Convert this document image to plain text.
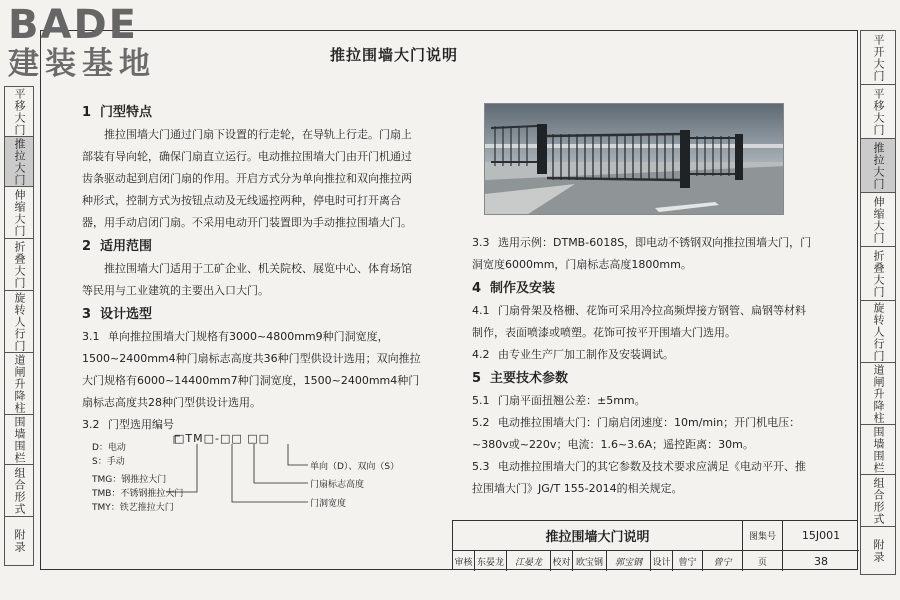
BADE
建装基地
平移大门
推拉大门
伸缩大门
折叠大门
旋转人行门
道闸升降柱
围墙围栏
组合形式
附录
平开大门
平移大门
推拉大门
伸缩大门
折叠大门
旋转人行门
道闸升降柱
围墙围栏
组合形式
附录
推拉围墙大门说明
1 门型特点
推拉围墙大门通过门扇下设置的行走轮，在导轨上行走。门扇上部装有导向轮，确保门扇直立运行。电动推拉围墙大门由开门机通过齿条驱动起到启闭门扇的作用。开启方式分为单向推拉和双向推拉两种形式，控制方式为按钮点动及无线遥控两种，停电时可打开离合器，用手动启闭门扇。不采用电动开门装置即为手动推拉围墙大门。
2 适用范围
推拉围墙大门适用于工矿企业、机关院校、展览中心、体育场馆等民用与工业建筑的主要出入口大门。
3 设计选型
3.1 单向推拉围墙大门规格有3000~4800mm9种门洞宽度，1500~2400mm4种门扇标志高度共36种门型供设计选用；双向推拉大门规格有6000~14400mm7种门洞宽度，1500~2400mm4种门扇标志高度共28种门型供设计选用。
3.2 门型选用编号
D：电动
S：手动
□TM□-□□ □□
TMG：钢推拉大门
TMB：不锈钢推拉大门
TMY：铁艺推拉大门
单向（D）、双向（S）
门扇标志高度
门洞宽度
3.3 选用示例：DTMB-6018S，即电动不锈钢双向推拉围墙大门，门洞宽度6000mm，门扇标志高度1800mm。
4 制作及安装
4.1 门扇骨架及格栅、花饰可采用冷拉高频焊接方钢管、扁钢等材料制作，表面喷漆或喷塑。花饰可按平开围墙大门选用。
4.2 由专业生产厂加工制作及安装调试。
5 主要技术参数
5.1 门扇平面扭翘公差：±5mm。
5.2 电动推拉围墙大门：门扇启闭速度：10m/min；开门机电压：~380v或~220v；电流：1.6~3.6A；遥控距离：30m。
5.3 电动推拉围墙大门的其它参数及技术要求应满足《电动平开、推拉围墙大门》JG/T 155-2014的相关规定。
推拉围墙大门说明	图集号	15J001
审核 东晏龙	江晏龙	校对 欧宝钢	郭宝钢	设计 曾宁	曾宁	页	38
